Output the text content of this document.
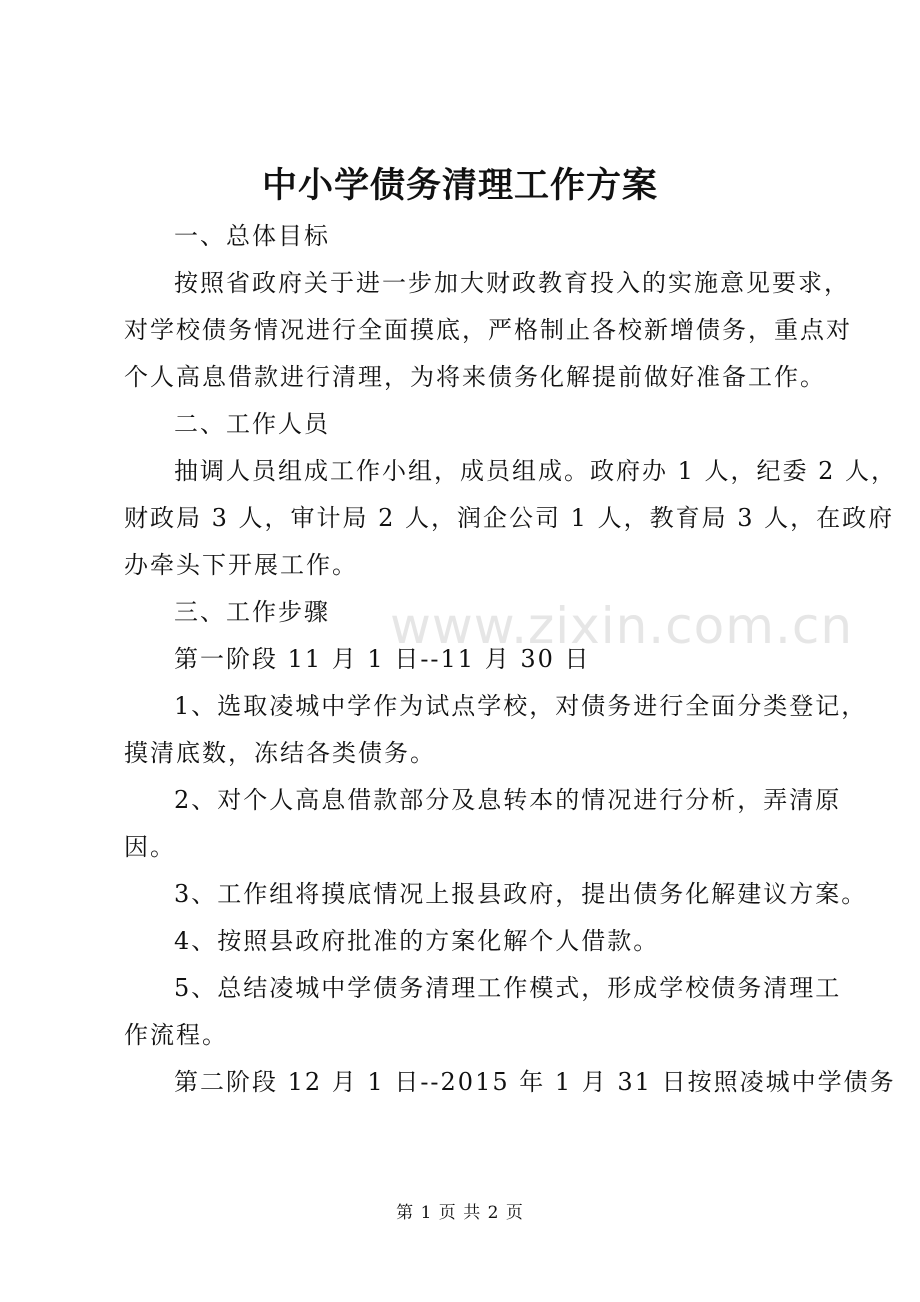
www.zixin.com.cn
中小学债务清理工作方案

一、总体目标

按照省政府关于进一步加大财政教育投入的实施意见要求，
对学校债务情况进行全面摸底，严格制止各校新增债务，重点对
个人高息借款进行清理，为将来债务化解提前做好准备工作。

二、工作人员

抽调人员组成工作小组，成员组成。政府办 1 人，纪委 2 人，
财政局 3 人，审计局 2 人，润企公司 1 人，教育局 3 人，在政府
办牵头下开展工作。

三、工作步骤

第一阶段 11 月 1 日--11 月 30 日

1、选取凌城中学作为试点学校，对债务进行全面分类登记，
摸清底数，冻结各类债务。

2、对个人高息借款部分及息转本的情况进行分析，弄清原
因。

3、工作组将摸底情况上报县政府，提出债务化解建议方案。

4、按照县政府批准的方案化解个人借款。

5、总结凌城中学债务清理工作模式，形成学校债务清理工
作流程。

第二阶段 12 月 1 日--2015 年 1 月 31 日按照凌城中学债务

第 1 页 共 2 页
